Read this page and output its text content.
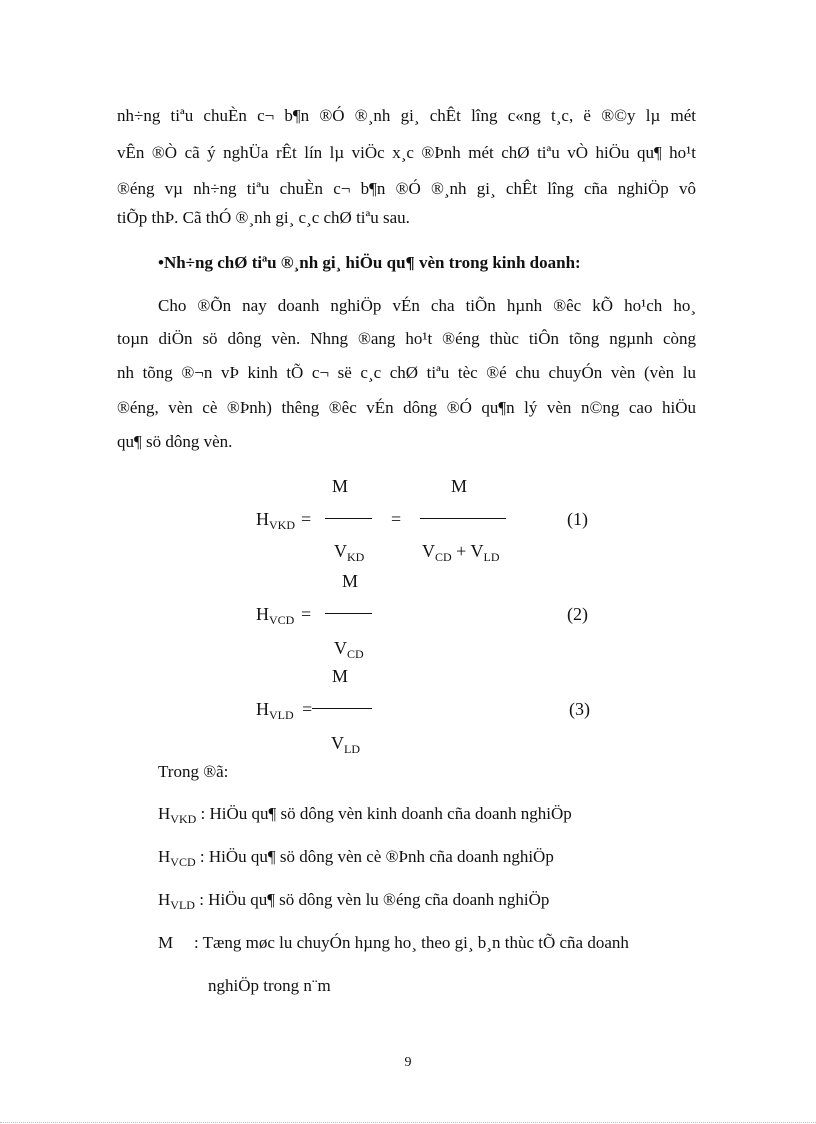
nh÷ng tiªu chuÈn c¬ b¶n ®Ó ®¸nh gi¸ chÊt lîng c«ng t¸c, ë ®©y lµ mét
vÊn ®Ò cã ý nghÜa rÊt lín lµ viÖc x¸c ®Þnh mét chØ tiªu vÒ hiÖu qu¶ ho¹t
®éng vµ nh÷ng tiªu chuÈn c¬ b¶n ®Ó ®¸nh gi¸ chÊt lîng cña nghiÖp vô
tiÕp thÞ. Cã thÓ ®¸nh gi¸ c¸c chØ tiªu sau.
•Nh÷ng chØ tiªu ®¸nh gi¸ hiÖu qu¶ vèn trong kinh doanh:
Cho ®Õn nay doanh nghiÖp vÉn cha tiÕn hµnh ®êc kÕ ho¹ch ho¸
toµn diÖn sö dông vèn. Nhng ®ang ho¹t ®éng thùc tiÔn tõng ngµnh còng
nh tõng ®¬n vÞ kinh tÕ c¬ së c¸c chØ tiªu tèc ®é chu chuyÓn vèn (vèn lu
®éng, vèn cè ®Þnh) thêng ®êc vÉn dông ®Ó qu¶n lý vèn n©ng cao hiÖu
qu¶ sö dông vèn.
$H_{VKD}$ =
M
$V_{KD}$
=
M
$V_{CD} + V_{LD}$
(1)
$H_{VCD}$ =
M
$V_{CD}$
(2)
$H_{VLD}$ =
M
$V_{LD}$
(3)
Trong ®ã:
$H_{VKD}$ : HiÖu qu¶ sö dông vèn kinh doanh cña doanh nghiÖp
$H_{VCD}$ : HiÖu qu¶ sö dông vèn cè ®Þnh cña doanh nghiÖp
$H_{VLD}$ : HiÖu qu¶ sö dông vèn lu ®éng cña doanh nghiÖp
M : Tæng møc lu chuyÓn hµng ho¸ theo gi¸ b¸n thùc tÕ cña doanh
nghiÖp trong n¨m
9
